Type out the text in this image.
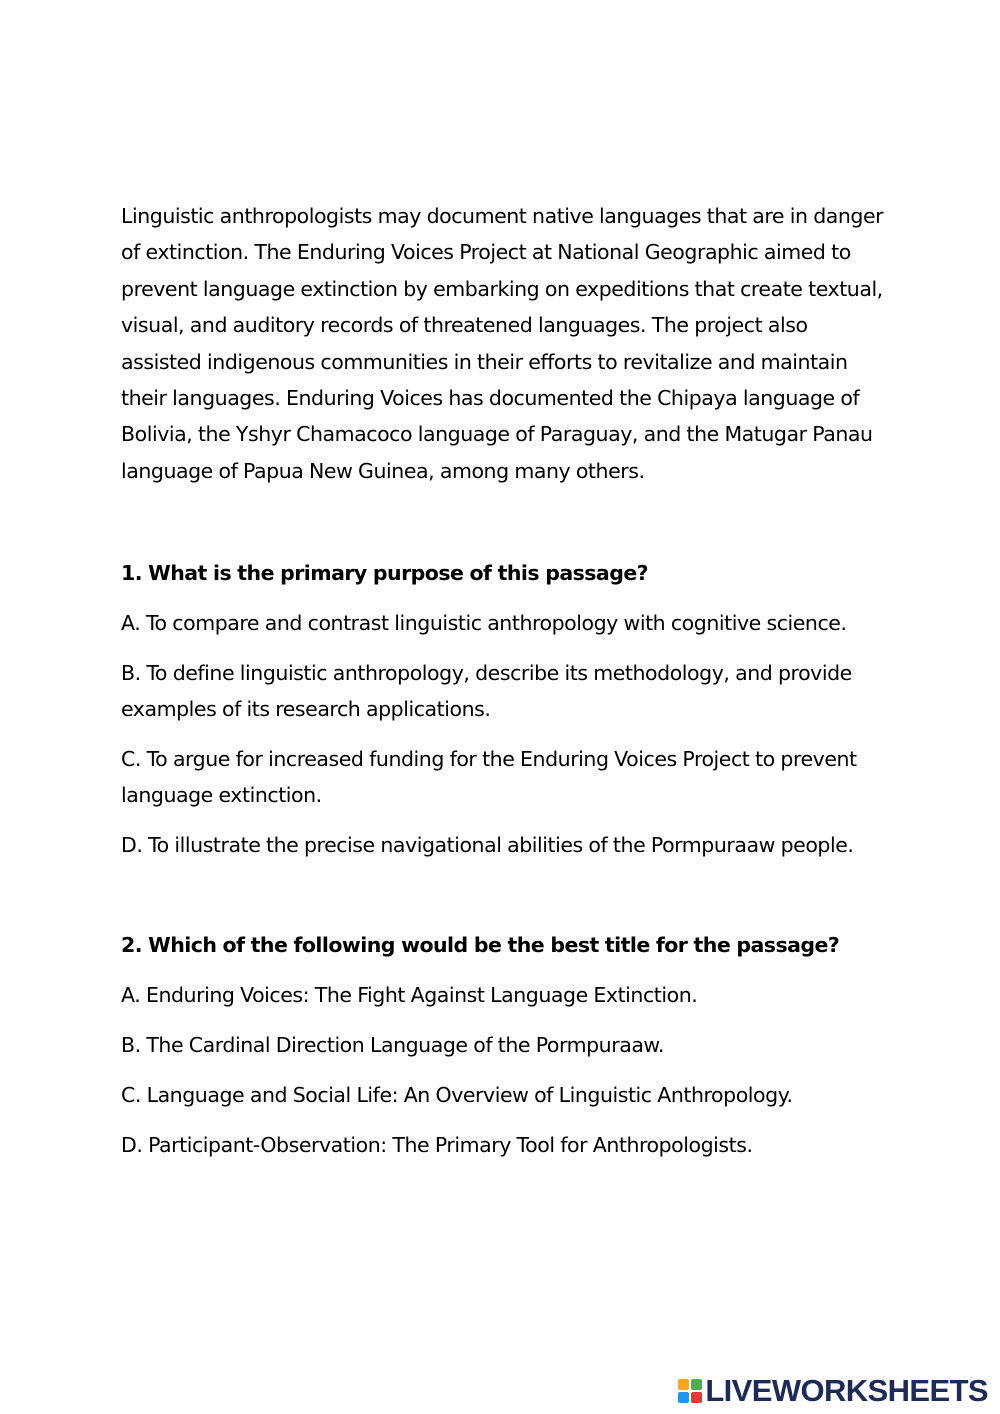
Linguistic anthropologists may document native languages that are in danger of extinction. The Enduring Voices Project at National Geographic aimed to prevent language extinction by embarking on expeditions that create textual, visual, and auditory records of threatened languages. The project also assisted indigenous communities in their efforts to revitalize and maintain their languages. Enduring Voices has documented the Chipaya language of Bolivia, the Yshyr Chamacoco language of Paraguay, and the Matugar Panau language of Papua New Guinea, among many others.

1. What is the primary purpose of this passage?

A. To compare and contrast linguistic anthropology with cognitive science.

B. To define linguistic anthropology, describe its methodology, and provide examples of its research applications.

C. To argue for increased funding for the Enduring Voices Project to prevent language extinction.

D. To illustrate the precise navigational abilities of the Pormpuraaw people.

2. Which of the following would be the best title for the passage?

A. Enduring Voices: The Fight Against Language Extinction.

B. The Cardinal Direction Language of the Pormpuraaw.

C. Language and Social Life: An Overview of Linguistic Anthropology.

D. Participant-Observation: The Primary Tool for Anthropologists.

LIVEWORKSHEETS
